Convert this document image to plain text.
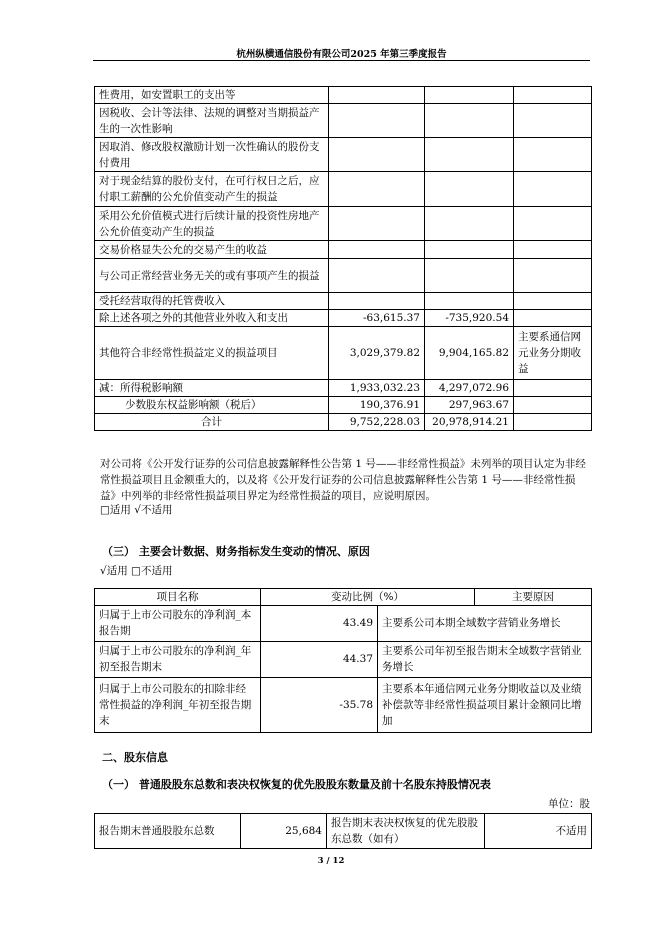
杭州纵横通信股份有限公司2025 年第三季度报告
性费用，如安置职工的支出等			
因税收、会计等法律、法规的调整对当期损益产生的一次性影响			
因取消、修改股权激励计划一次性确认的股份支付费用			
对于现金结算的股份支付，在可行权日之后，应付职工薪酬的公允价值变动产生的损益			
采用公允价值模式进行后续计量的投资性房地产公允价值变动产生的损益			
交易价格显失公允的交易产生的收益			
与公司正常经营业务无关的或有事项产生的损益			
受托经营取得的托管费收入			
除上述各项之外的其他营业外收入和支出	-63,615.37	-735,920.54	
其他符合非经常性损益定义的损益项目	3,029,379.82	9,904,165.82	主要系通信网元业务分期收益
减：所得税影响额	1,933,032.23	4,297,072.96	
少数股东权益影响额（税后）	190,376.91	297,963.67	
合计	9,752,228.03	20,978,914.21	
对公司将《公开发行证券的公司信息披露解释性公告第 1 号——非经常性损益》未列举的项目认定为非经常性损益项目且金额重大的，以及将《公开发行证券的公司信息披露解释性公告第 1 号——非经常性损益》中列举的非经常性损益项目界定为经常性损益的项目，应说明原因。
□适用 √不适用
（三） 主要会计数据、财务指标发生变动的情况、原因
√适用 □不适用
项目名称	变动比例（%）	主要原因
归属于上市公司股东的净利润_本报告期	43.49	主要系公司本期全域数字营销业务增长
归属于上市公司股东的净利润_年初至报告期末	44.37	主要系公司年初至报告期末全域数字营销业务增长
归属于上市公司股东的扣除非经常性损益的净利润_年初至报告期末	-35.78	主要系本年通信网元业务分期收益以及业绩补偿款等非经常性损益项目累计金额同比增加
二、股东信息
（一） 普通股股东总数和表决权恢复的优先股股东数量及前十名股东持股情况表
单位：股
报告期末普通股股东总数	25,684	报告期末表决权恢复的优先股股东总数（如有）	不适用
3 / 12
